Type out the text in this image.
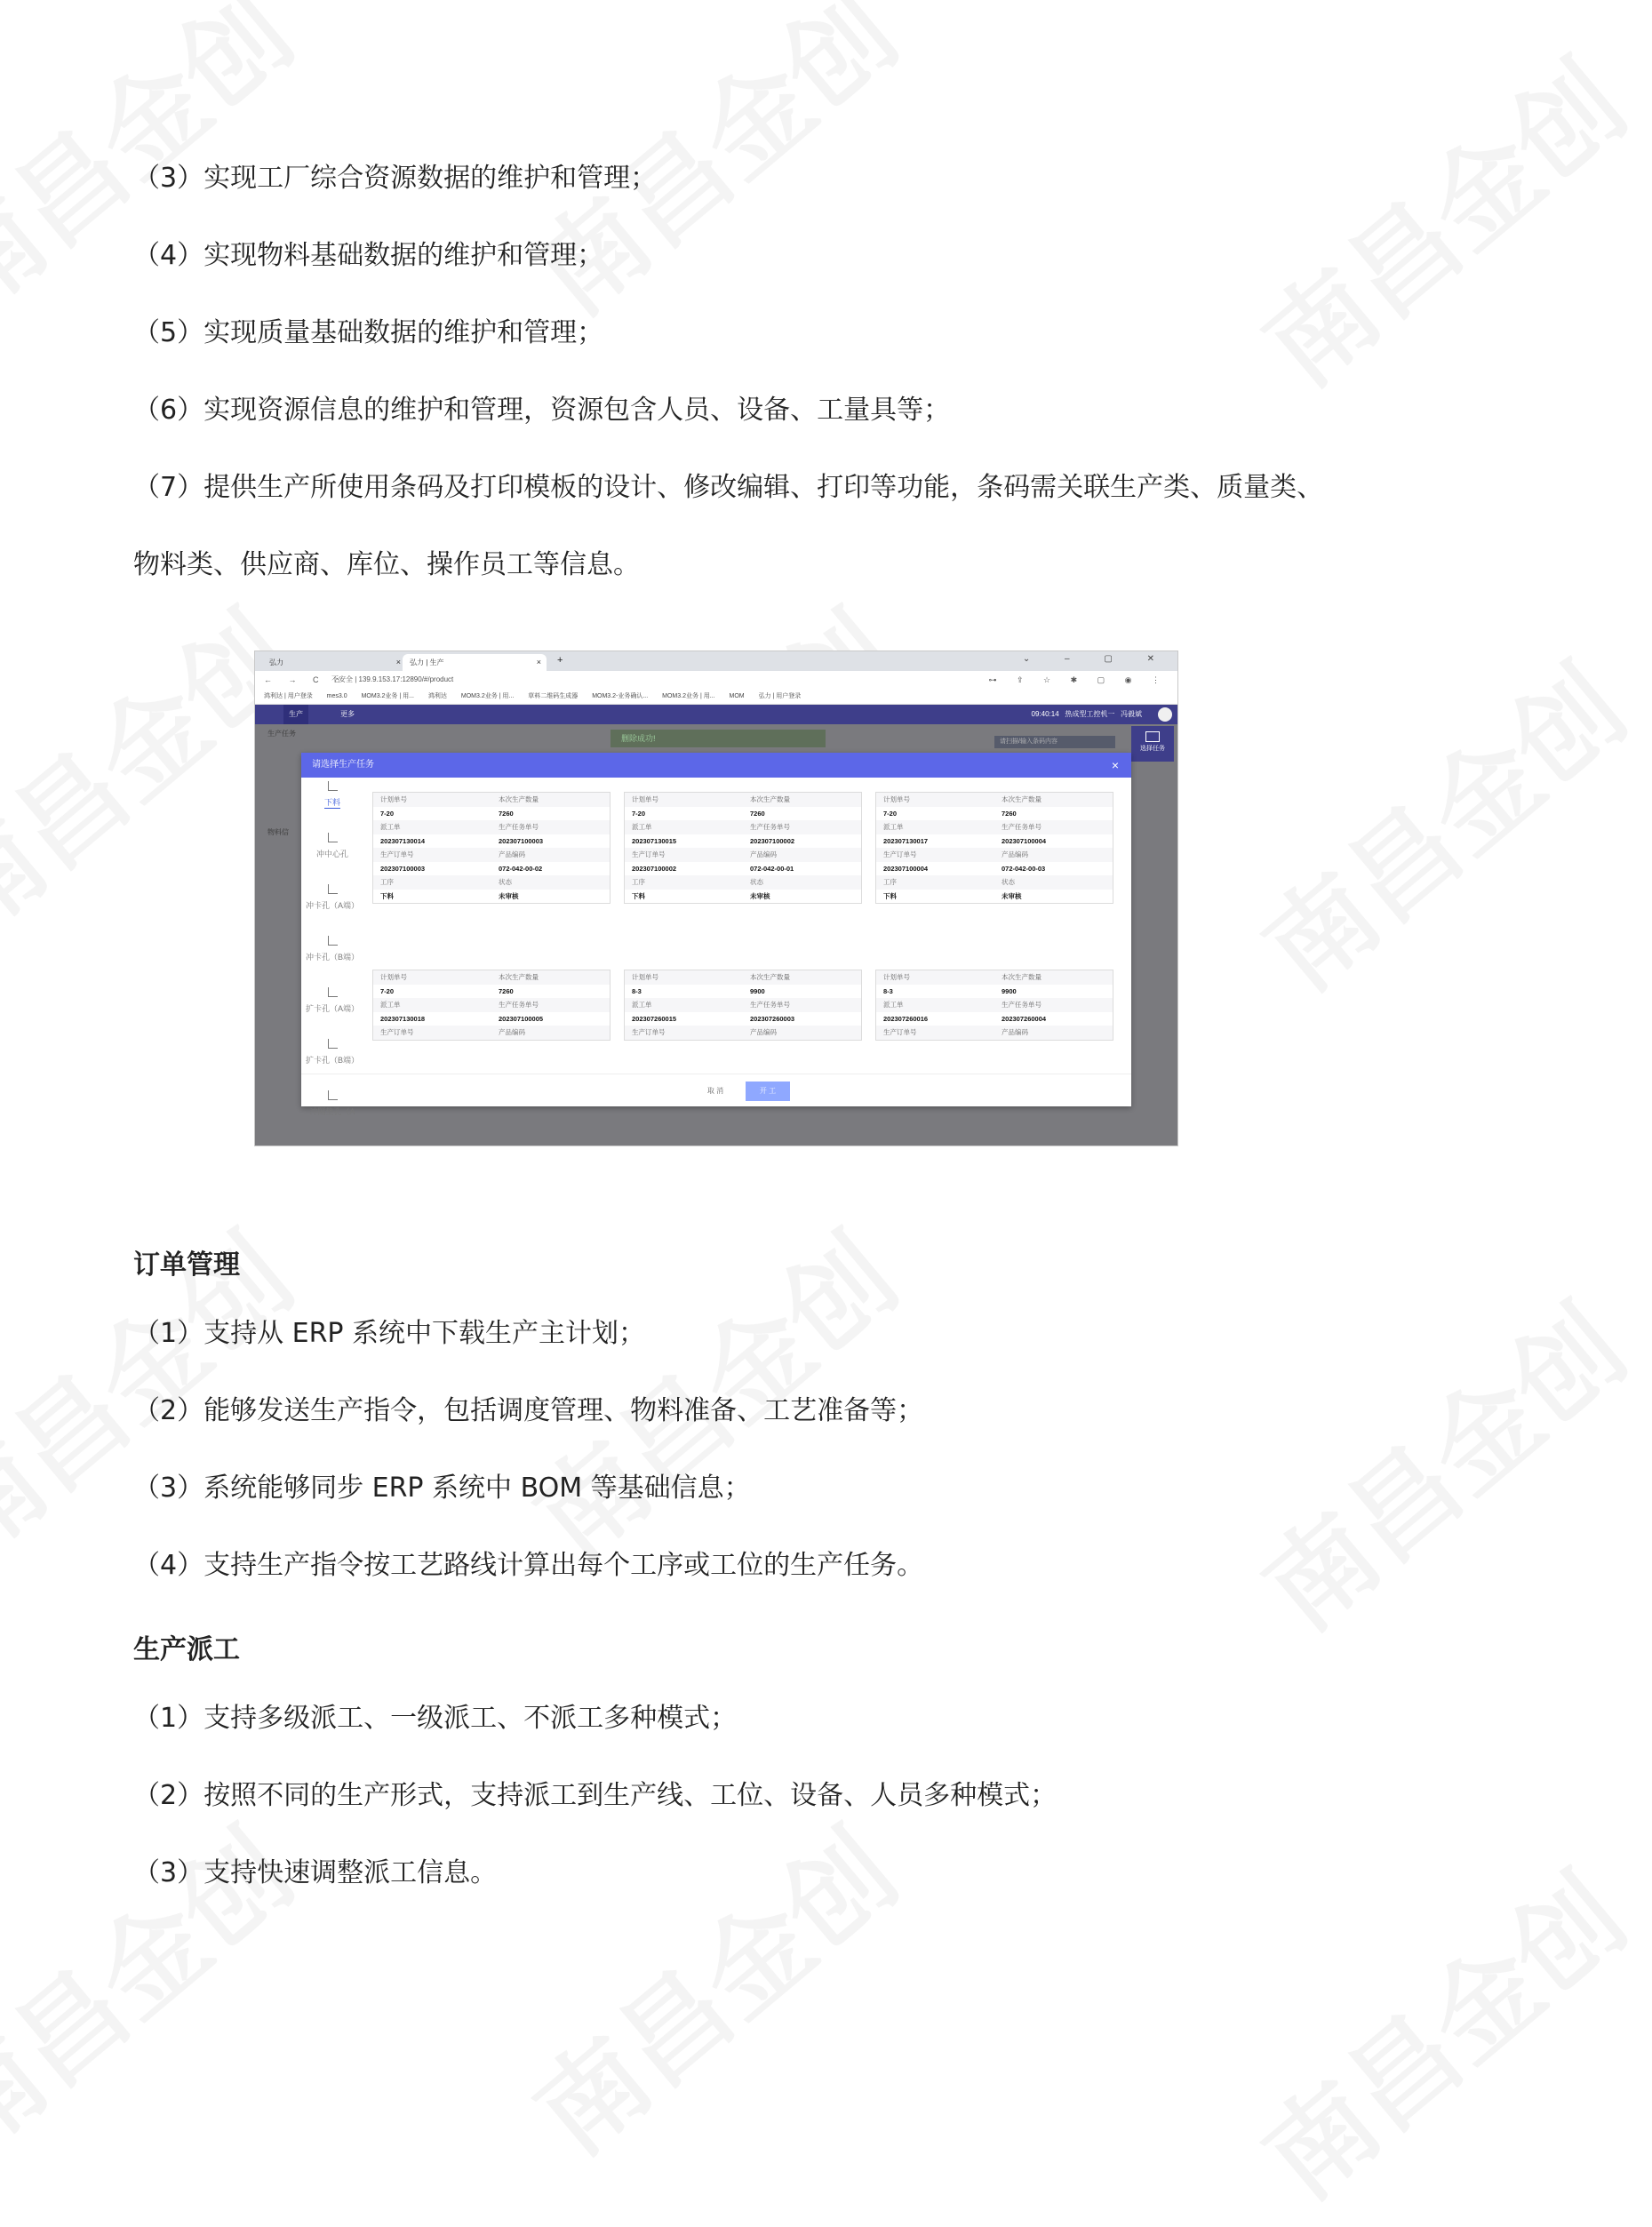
（3）实现工厂综合资源数据的维护和管理；
（4）实现物料基础数据的维护和管理；
（5）实现质量基础数据的维护和管理；
（6）实现资源信息的维护和管理，资源包含人员、设备、工量具等；
（7）提供生产所使用条码及打印模板的设计、修改编辑、打印等功能，条码需关联生产类、质量类、
物料类、供应商、库位、操作员工等信息。
弘力	×	弘力 | 生产	× +	⌄ – ▢ ✕
← → C ⌂
不安全 | 139.9.153.17:12890/#/product	⊶ ⇪ ☆ ✱ ▢ ◉ ⋮
鸿利达 | 用户登录 mes3.0 MOM3.2业务 | 用... 鸿利达 MOM3.2业务 | 用... 草料二维码生成器 MOM3.2-业务确认... MOM3.2业务 | 用... MOM 弘力 | 用户登录
生产	更多	09:40:14 热成型工控机一 冯毅斌
删除成功!
生产任务
物料信
请扫描/输入条码内容
选择任务
请选择生产任务	×
下料
冲中心孔
冲卡孔（A端）
冲卡孔（B端）
扩卡孔（A端）
扩卡孔（B端）
冲隔垫孔（A
计划单号	本次生产数量
7-20	7260
派工单	生产任务单号
202307130014	202307100003
生产订单号	产品编码
202307100003	072-042-00-02
工序	状态
下料	未审核
计划单号	本次生产数量
7-20	7260
派工单	生产任务单号
202307130015	202307100002
生产订单号	产品编码
202307100002	072-042-00-01
工序	状态
下料	未审核
计划单号	本次生产数量
7-20	7260
派工单	生产任务单号
202307130017	202307100004
生产订单号	产品编码
202307100004	072-042-00-03
工序	状态
下料	未审核
计划单号	本次生产数量
7-20	7260
派工单	生产任务单号
202307130018	202307100005
生产订单号	产品编码
计划单号	本次生产数量
8-3	9900
派工单	生产任务单号
202307260015	202307260003
生产订单号	产品编码
计划单号	本次生产数量
8-3	9900
派工单	生产任务单号
202307260016	202307260004
生产订单号	产品编码
取 消	开 工
订单管理
（1）支持从 ERP 系统中下载生产主计划；
（2）能够发送生产指令，包括调度管理、物料准备、工艺准备等；
（3）系统能够同步 ERP 系统中 BOM 等基础信息；
（4）支持生产指令按工艺路线计算出每个工序或工位的生产任务。
生产派工
（1）支持多级派工、一级派工、不派工多种模式；
（2）按照不同的生产形式，支持派工到生产线、工位、设备、人员多种模式；
（3）支持快速调整派工信息。
